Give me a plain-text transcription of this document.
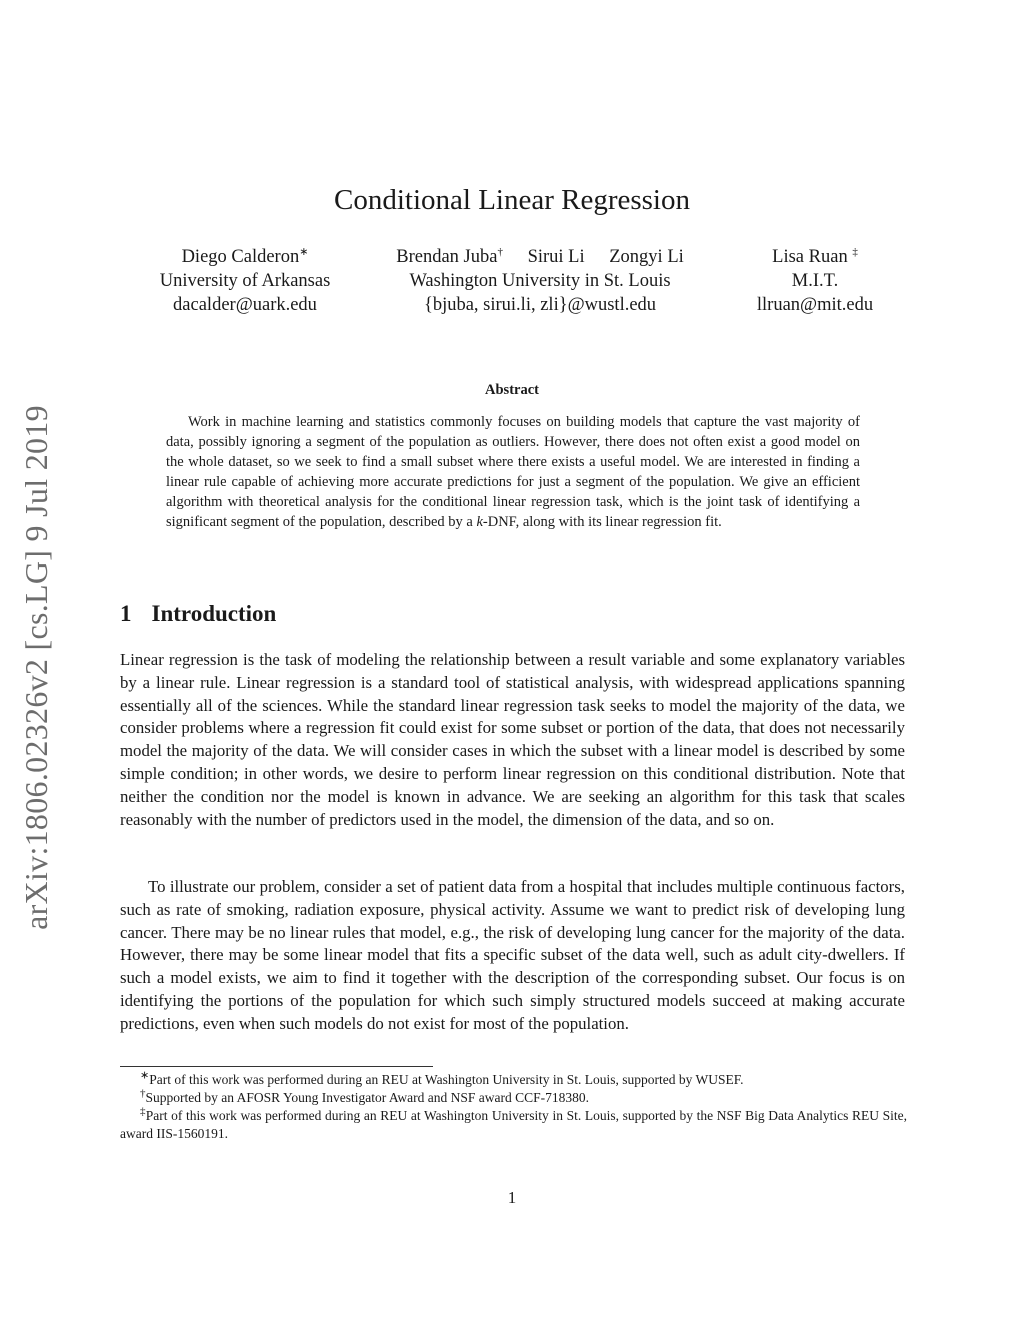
arXiv:1806.02326v2 [cs.LG] 9 Jul 2019
Conditional Linear Regression
Diego Calderon∗
University of Arkansas
dacalder@uark.edu
Brendan Juba† Sirui Li Zongyi Li
Washington University in St. Louis
{bjuba, sirui.li, zli}@wustl.edu
Lisa Ruan ‡
M.I.T.
llruan@mit.edu
Abstract

Work in machine learning and statistics commonly focuses on building models that capture the vast majority of data, possibly ignoring a segment of the population as outliers. However, there does not often exist a good model on the whole dataset, so we seek to find a small subset where there exists a useful model. We are interested in finding a linear rule capable of achieving more accurate predictions for just a segment of the population. We give an efficient algorithm with theoretical analysis for the conditional linear regression task, which is the joint task of identifying a significant segment of the population, described by a k-DNF, along with its linear regression fit.

1 Introduction

Linear regression is the task of modeling the relationship between a result variable and some explanatory variables by a linear rule. Linear regression is a standard tool of statistical analysis, with widespread applications spanning essentially all of the sciences. While the standard linear regression task seeks to model the majority of the data, we consider problems where a regression fit could exist for some subset or portion of the data, that does not necessarily model the majority of the data. We will consider cases in which the subset with a linear model is described by some simple condition; in other words, we desire to perform linear regression on this conditional distribution. Note that neither the condition nor the model is known in advance. We are seeking an algorithm for this task that scales reasonably with the number of predictors used in the model, the dimension of the data, and so on.

To illustrate our problem, consider a set of patient data from a hospital that includes multiple continuous factors, such as rate of smoking, radiation exposure, physical activity. Assume we want to predict risk of developing lung cancer. There may be no linear rules that model, e.g., the risk of developing lung cancer for the majority of the data. However, there may be some linear model that fits a specific subset of the data well, such as adult city-dwellers. If such a model exists, we aim to find it together with the description of the corresponding subset. Our focus is on identifying the portions of the population for which such simply structured models succeed at making accurate predictions, even when such models do not exist for most of the population.

∗Part of this work was performed during an REU at Washington University in St. Louis, supported by WUSEF.

†Supported by an AFOSR Young Investigator Award and NSF award CCF-718380.

‡Part of this work was performed during an REU at Washington University in St. Louis, supported by the NSF Big Data Analytics REU Site, award IIS-1560191.

1
